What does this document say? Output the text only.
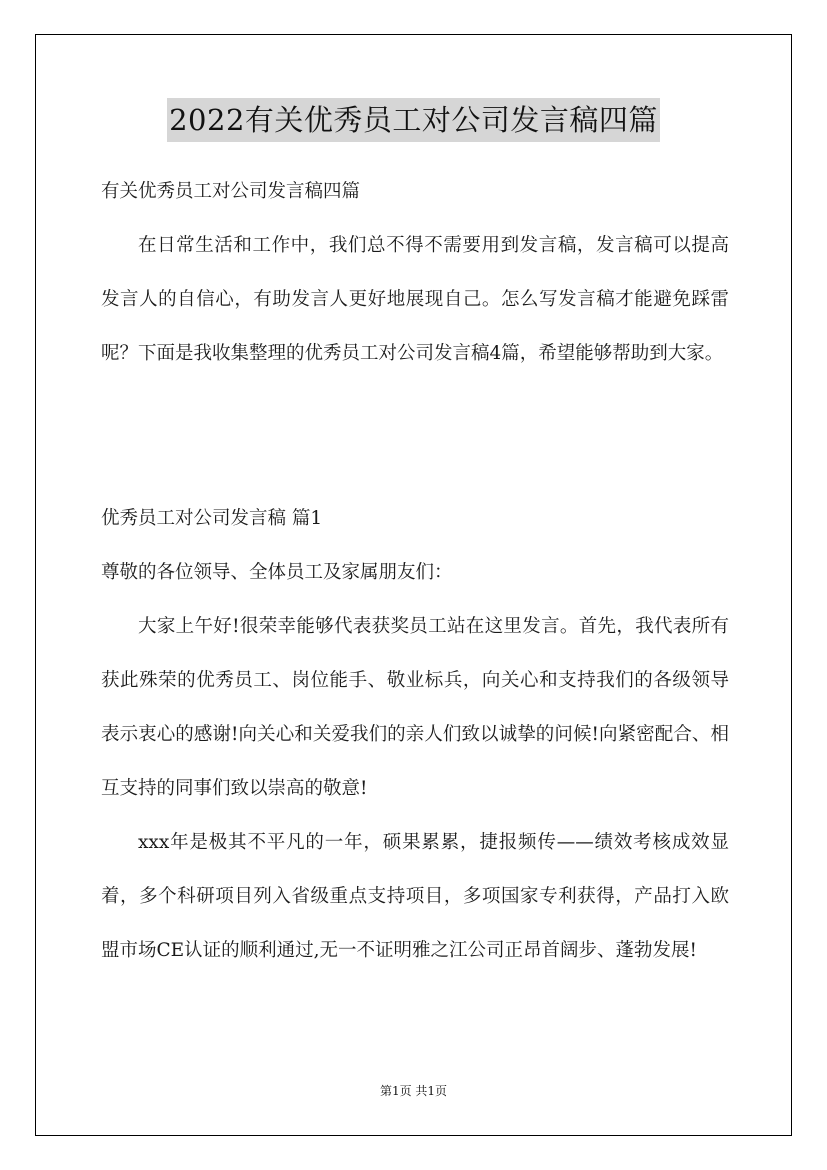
2022有关优秀员工对公司发言稿四篇

有关优秀员工对公司发言稿四篇

在日常生活和工作中，我们总不得不需要用到发言稿，发言稿可以提高发言人的自信心，有助发言人更好地展现自己。怎么写发言稿才能避免踩雷呢？下面是我收集整理的优秀员工对公司发言稿4篇，希望能够帮助到大家。

优秀员工对公司发言稿 篇1

尊敬的各位领导、全体员工及家属朋友们：

大家上午好!很荣幸能够代表获奖员工站在这里发言。首先，我代表所有获此殊荣的优秀员工、岗位能手、敬业标兵，向关心和支持我们的各级领导表示衷心的感谢!向关心和关爱我们的亲人们致以诚挚的问候!向紧密配合、相互支持的同事们致以崇高的敬意!

xxx年是极其不平凡的一年，硕果累累，捷报频传——绩效考核成效显着，多个科研项目列入省级重点支持项目，多项国家专利获得，产品打入欧盟市场CE认证的顺利通过,无一不证明雅之江公司正昂首阔步、蓬勃发展!

第1页 共1页
